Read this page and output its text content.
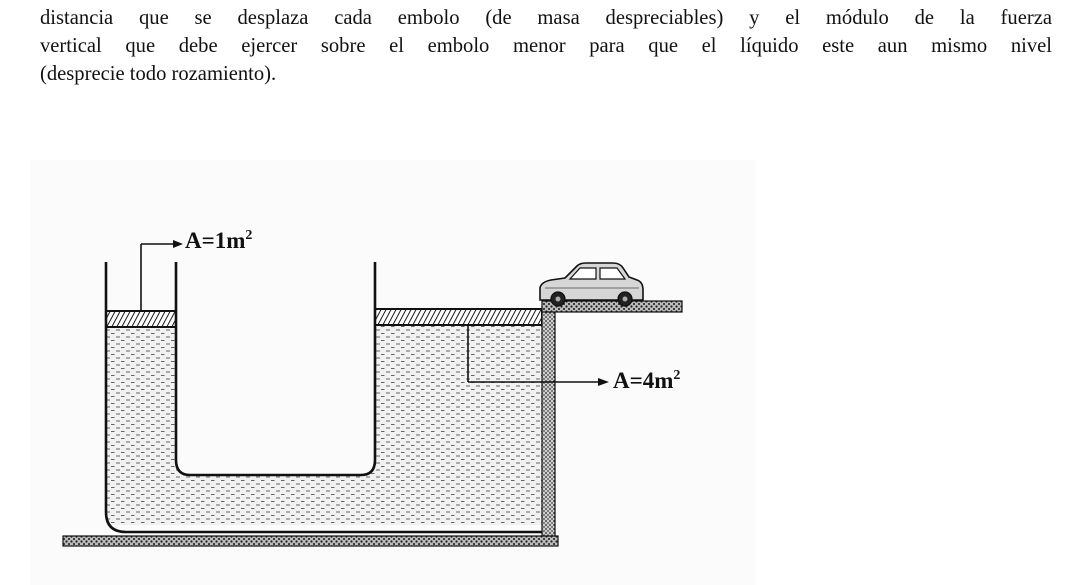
distancia que se desplaza cada embolo (de masa despreciables) y el módulo de la fuerza

vertical que debe ejercer sobre el embolo menor para que el líquido este aun mismo nivel

(desprecie todo rozamiento).

$A=1m^2$
$A=4m^2$
